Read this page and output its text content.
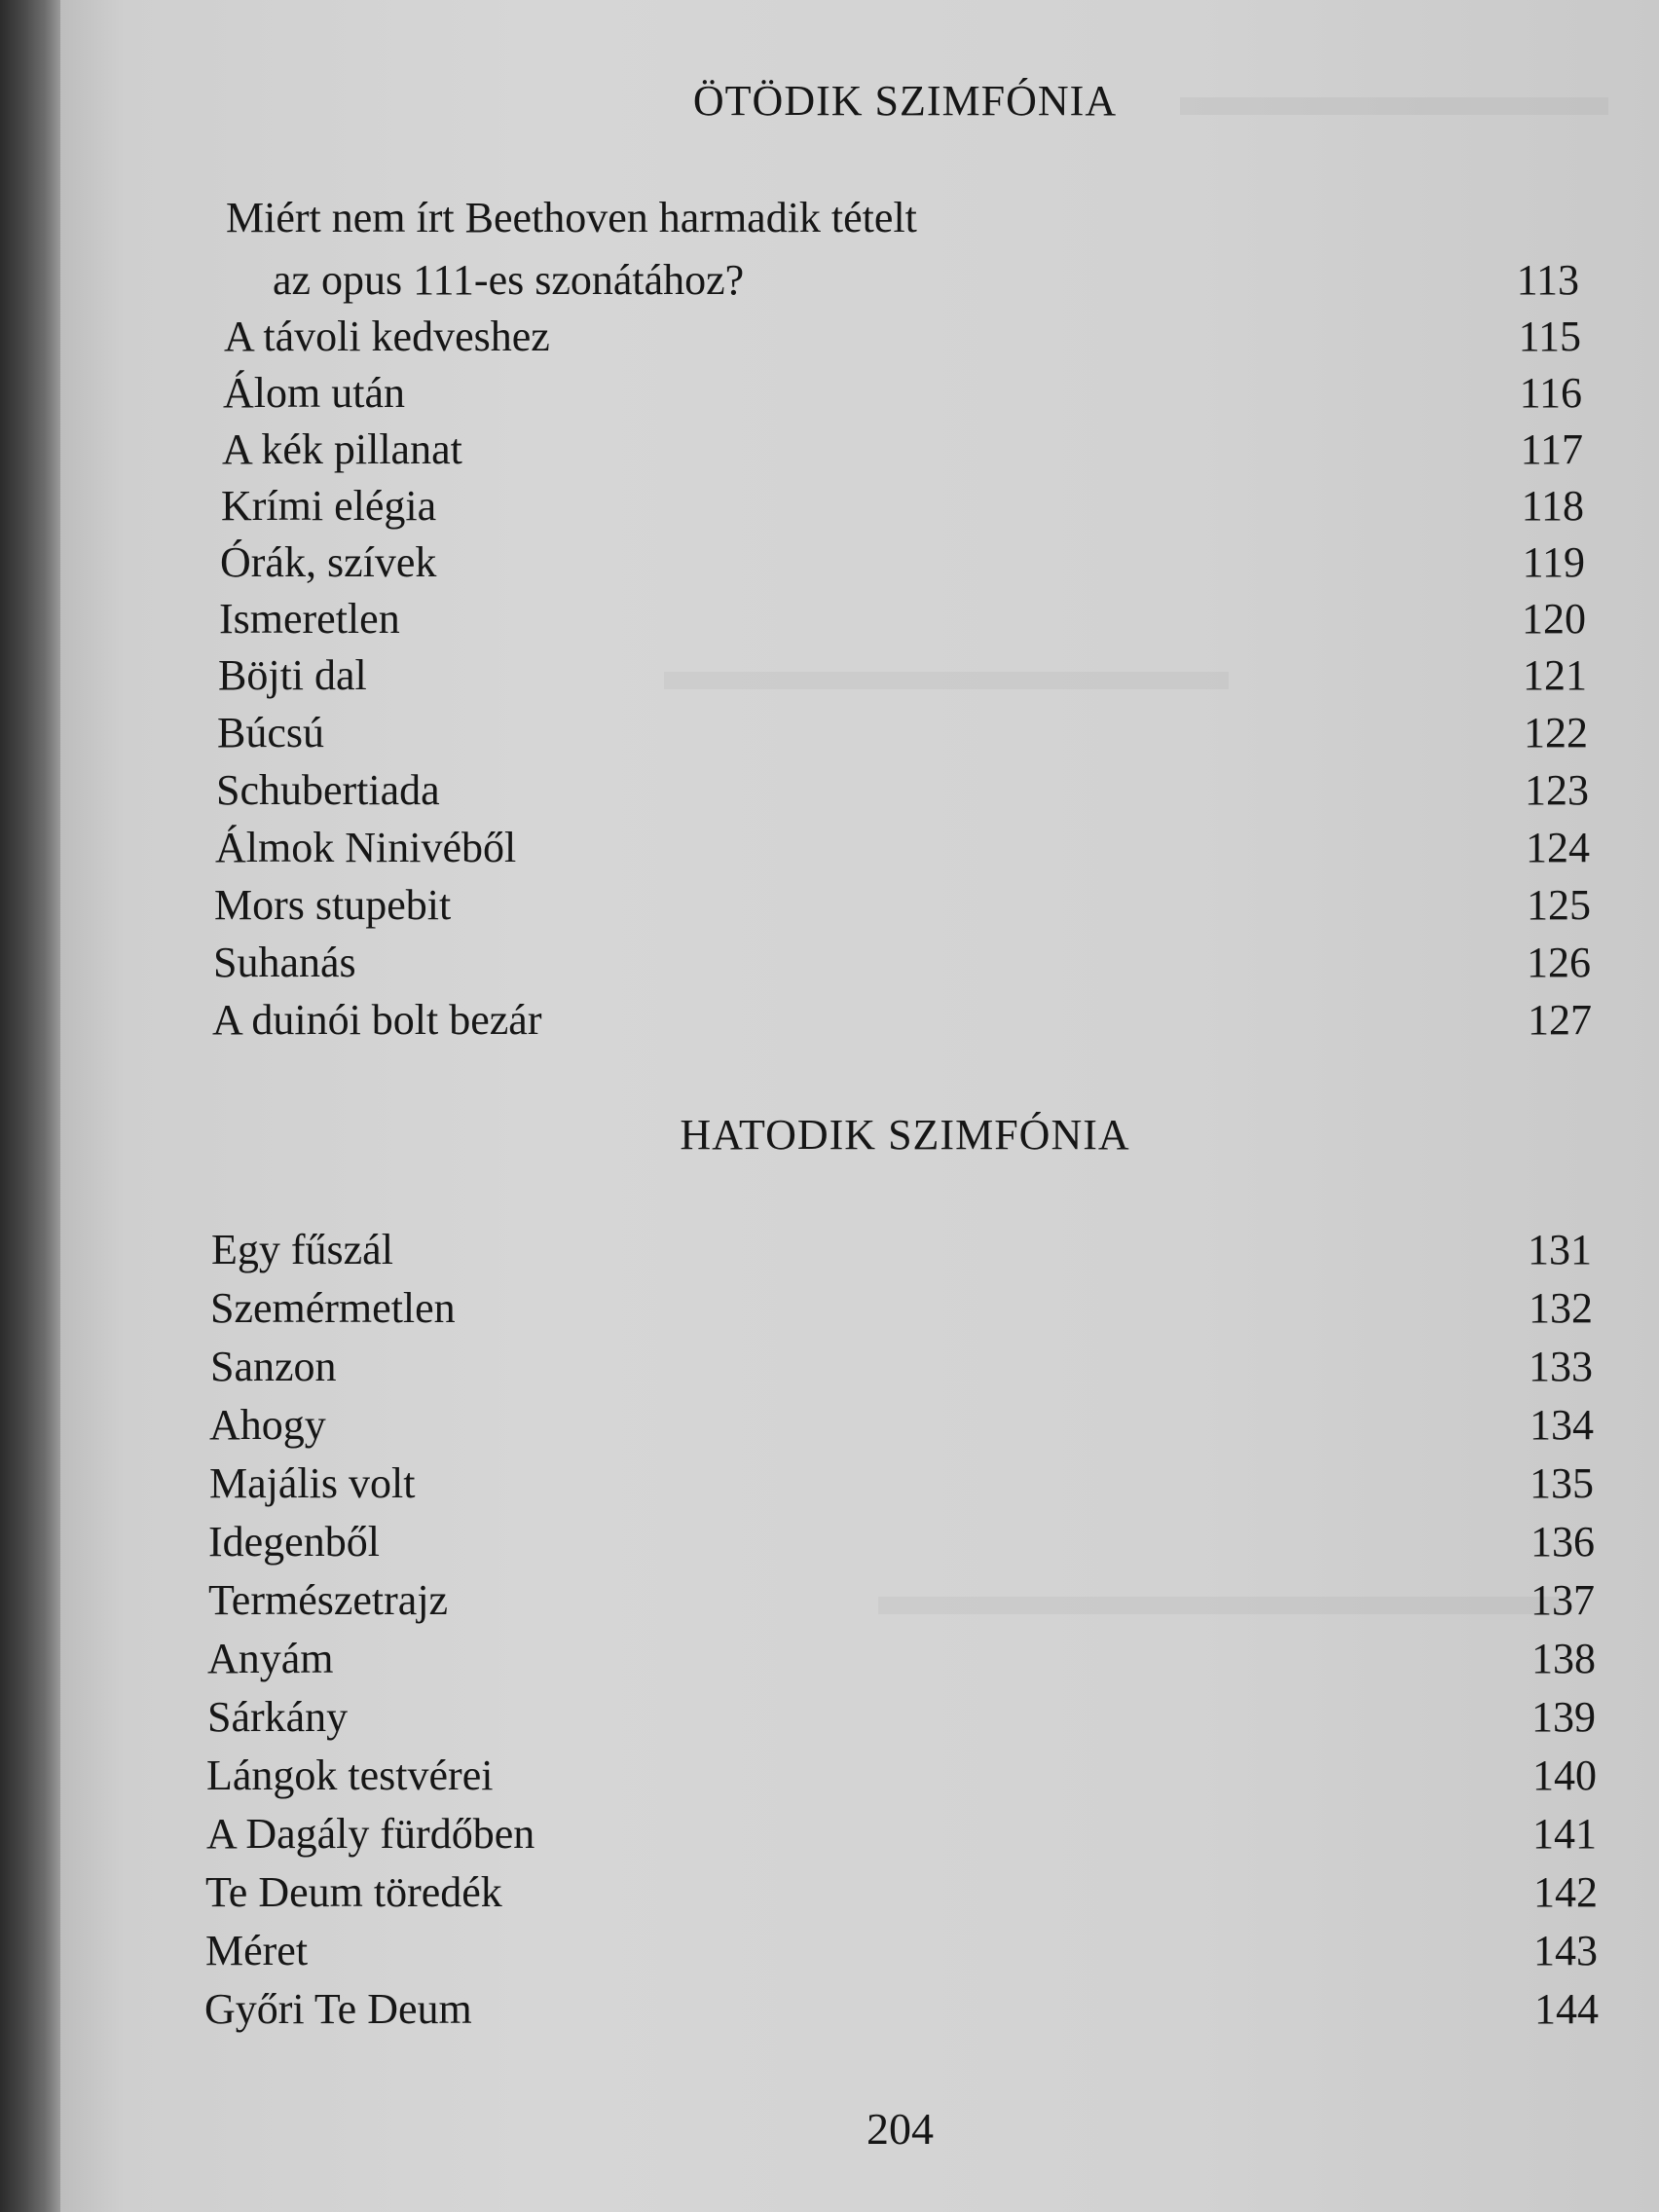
ÖTÖDIK SZIMFÓNIA
Miért nem írt Beethoven harmadik tételt
az opus 111-es szonátához?	113
A távoli kedveshez	115
Álom után	116
A kék pillanat	117
Krími elégia	118
Órák, szívek	119
Ismeretlen	120
Böjti dal	121
Búcsú	122
Schubertiada	123
Álmok Ninivéből	124
Mors stupebit	125
Suhanás	126
A duinói bolt bezár	127
HATODIK SZIMFÓNIA
Egy fűszál	131
Szemérmetlen	132
Sanzon	133
Ahogy	134
Majális volt	135
Idegenből	136
Természetrajz	137
Anyám	138
Sárkány	139
Lángok testvérei	140
A Dagály fürdőben	141
Te Deum töredék	142
Méret	143
Győri Te Deum	144
204
